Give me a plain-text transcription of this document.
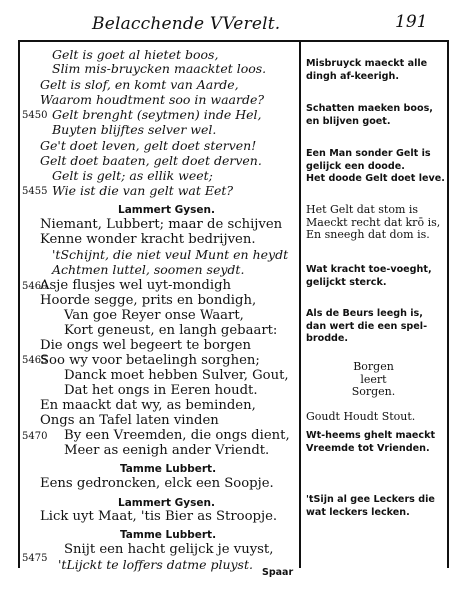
Belacchende VVerelt.	191
Gelt is goet al hietet boos,
Slim mis-bruycken maacktet loos.
Gelt is slof, en komt van Aarde,
Waarom houdtment soo in waarde?
Gelt brenght (seytmen) inde Hel,
Buyten blijftes selver wel.
Ge't doet leven, gelt doet sterven!
Gelt doet baaten, gelt doet derven.
Gelt is gelt; as ellik weet;
Wie ist die van gelt wat Eet?
Lammert Gysen.
Niemant, Lubbert; maar de schijven
Kenne wonder kracht bedrijven.
'tSchijnt, die niet veul Munt en heydt
Achtmen luttel, soomen seydt.
Asje flusjes wel uyt-mondigh
Hoorde segge, prits en bondigh,
Van goe Reyer onse Waart,
Kort geneust, en langh gebaart:
Die ongs wel begeert te borgen
Soo wy voor betaelingh sorghen;
Danck moet hebben Sulver, Gout,
Dat het ongs in Eeren houdt.
En maackt dat wy, as beminden,
Ongs an Tafel laten vinden
By een Vreemden, die ongs dient,
Meer as eenigh ander Vriendt.
Tamme Lubbert.
Eens gedroncken, elck een Soopje.
Lammert Gysen.
Lick uyt Maat, 'tis Bier as Stroopje.
Tamme Lubbert.
Snijt een hacht gelijck je vuyst,
'tLijckt te loffers datme pluyst.
5450
5455
5460
5465
5470
5475
Misbruyck maeckt alle
dingh af-keerigh.
Schatten maeken boos,
en blijven goet.
Een Man sonder Gelt is
gelijck een doode.
Het doode Gelt doet leve.
Het Gelt dat stom is
Maeckt recht dat krō is,
En sneegh dat dom is.
Wat kracht toe-voeght,
gelijckt sterck.
Als de Beurs leegh is,
dan wert die een spel-
brodde.
Borgen
leert
Sorgen.
Goudt Houdt Stout.
Wt-heems ghelt maeckt
Vreemde tot Vrienden.
'tSijn al gee Leckers die
wat leckers lecken.
Spaar
